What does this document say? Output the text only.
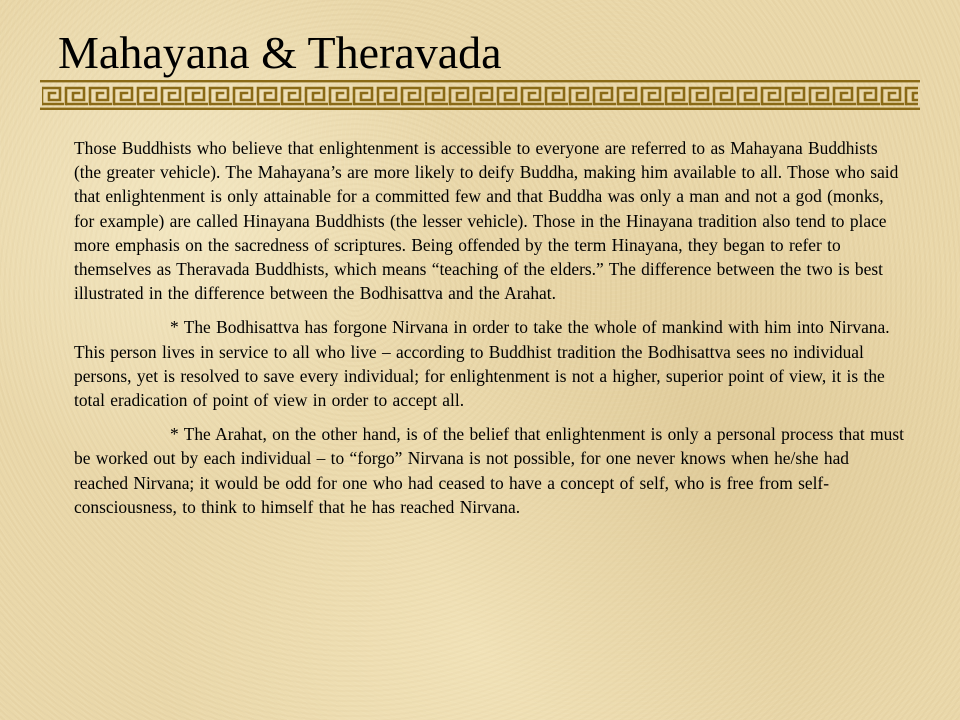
Mahayana & Theravada

Those Buddhists who believe that enlightenment is accessible to everyone are referred to as Mahayana Buddhists (the greater vehicle). The Mahayana’s are more likely to deify Buddha, making him available to all. Those who said that enlightenment is only attainable for a committed few and that Buddha was only a man and not a god (monks, for example) are called Hinayana Buddhists (the lesser vehicle). Those in the Hinayana tradition also tend to place more emphasis on the sacredness of scriptures. Being offended by the term Hinayana, they began to refer to themselves as Theravada Buddhists, which means “teaching of the elders.” The difference between the two is best illustrated in the difference between the Bodhisattva and the Arahat.

* The Bodhisattva has forgone Nirvana in order to take the whole of mankind with him into Nirvana. This person lives in service to all who live – according to Buddhist tradition the Bodhisattva sees no individual persons, yet is resolved to save every individual; for enlightenment is not a higher, superior point of view, it is the total eradication of point of view in order to accept all.

* The Arahat, on the other hand, is of the belief that enlightenment is only a personal process that must be worked out by each individual – to “forgo” Nirvana is not possible, for one never knows when he/she had reached Nirvana; it would be odd for one who had ceased to have a concept of self, who is free from self-consciousness, to think to himself that he has reached Nirvana.
